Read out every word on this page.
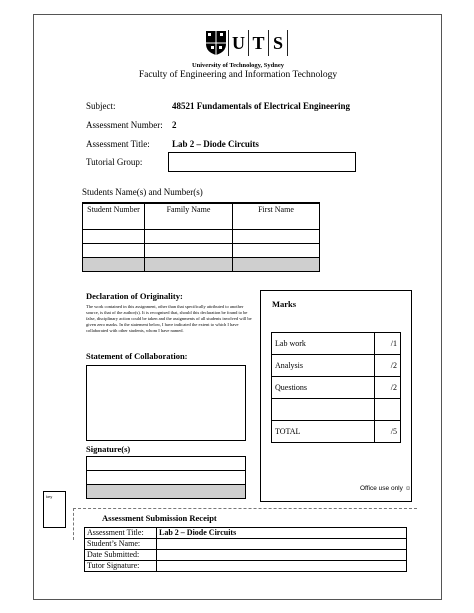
U T S
University of Technology, Sydney
Faculty of Engineering and Information Technology
Subject:	48521 Fundamentals of Electrical Engineering
Assessment Number: 2
Assessment Title: Lab 2 – Diode Circuits
Tutorial Group:
Students Name(s) and Number(s)
Student Number	Family Name	First Name

Declaration of Originality:
The work contained in this assignment, other than that specifically attributed to another source, is that of the author(s). It is recognised that, should this declaration be found to be false, disciplinary action could be taken and the assignments of all students involved will be given zero marks. In the statement below, I have indicated the extent to which I have collaborated with other students, whom I have named.
Statement of Collaboration:
Signature(s)

Marks
Lab work	/1
Analysis	/2
Questions	/2

TOTAL	/5
Office use only ☺
key
Assessment Submission Receipt
Assessment Title:	Lab 2 – Diode Circuits
Student’s Name:	
Date Submitted:	
Tutor Signature:	
